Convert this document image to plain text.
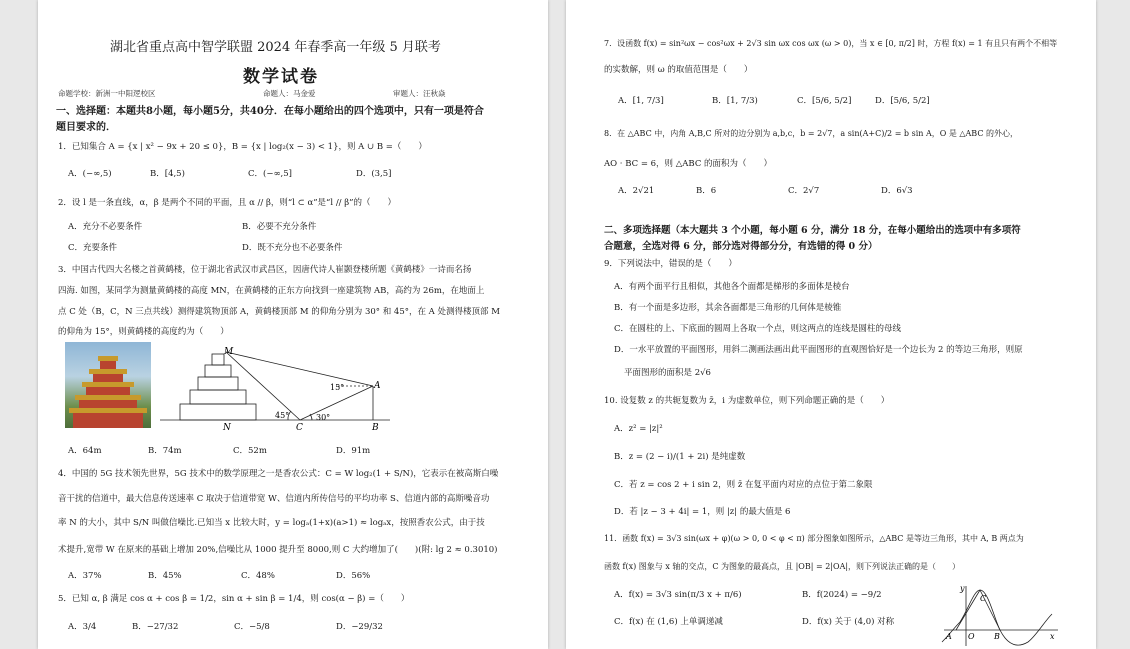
湖北省重点高中智学联盟 2024 年春季高一年级 5 月联考
数学试卷
命题学校：新洲一中阳逻校区	命题人：马金爱	审题人：汪秋焱
一、选择题：本题共8小题，每小题5分，共40分．在每小题给出的四个选项中，只有一项是符合
题目要求的．
1．已知集合 A = {x | x² − 9x + 20 ≤ 0}，B = {x | log₂(x − 3) < 1}，则 A ∪ B =（　　）
A．(−∞,5)	B．[4,5)	C．(−∞,5]	D．(3,5]
2．设 l 是一条直线，α，β 是两个不同的平面，且 α // β，则“l ⊂ α”是“l // β”的（　　）
A．充分不必要条件	B．必要不充分条件
C．充要条件	D．既不充分也不必要条件
3．中国古代四大名楼之首黄鹤楼，位于湖北省武汉市武昌区，因唐代诗人崔颢登楼所题《黄鹤楼》一诗而名扬
四海. 如图，某同学为测量黄鹤楼的高度 MN，在黄鹤楼的正东方向找到一座建筑物 AB，高约为 26m，在地面上
点 C 处（B，C，N 三点共线）测得建筑物顶部 A，黄鹤楼顶部 M 的仰角分别为 30° 和 45°，在 A 处测得楼顶部 M
的仰角为 15°，则黄鹤楼的高度约为（　　）
M
N	C
A
B
15°
45°	30°
A．64m	B．74m	C．52m	D．91m
4．中国的 5G 技术领先世界，5G 技术中的数学原理之一是香农公式：C = W log₂(1 + S/N)，它表示在被高斯白噪
音干扰的信道中，最大信息传送速率 C 取决于信道带宽 W、信道内所传信号的平均功率 S、信道内部的高斯噪音功
率 N 的大小，其中 S/N 叫做信噪比.已知当 x 比较大时，y = logₐ(1+x)(a>1) ≈ logₐx，按照香农公式，由于技
术提升,宽带 W 在原来的基础上增加 20%,信噪比从 1000 提升至 8000,则 C 大约增加了(　　)(附: lg 2 ≈ 0.3010)
A．37%	B．45%	C．48%	D．56%
5．已知 α, β 满足 cos α + cos β = 1/2，sin α + sin β = 1/4，则 cos(α − β) =（　　）
A．3/4	B．−27/32	C．−5/8	D．−29/32
7．设函数 f(x) = sin²ωx − cos²ωx + 2√3 sin ωx cos ωx (ω > 0)，当 x ∈ [0, π/2] 时，方程 f(x) = 1 有且只有两个不相等
的实数解，则 ω 的取值范围是（　　）
A．[1, 7/3]	B．[1, 7/3)	C．[5/6, 5/2]	D．[5/6, 5/2]
8．在 △ABC 中，内角 A,B,C 所对的边分别为 a,b,c，b = 2√7，a sin(A+C)/2 = b sin A，O 是 △ABC 的外心，
AO · BC = 6，则 △ABC 的面积为（　　）
A．2√21	B．6	C．2√7	D．6√3
二、多项选择题（本大题共 3 个小题，每小题 6 分，满分 18 分，在每小题给出的选项中有多项符
合题意，全选对得 6 分，部分选对得部分分，有选错的得 0 分）
9．下列说法中，错误的是（　　）
A．有两个面平行且相似，其他各个面都是梯形的多面体是棱台
B．有一个面是多边形，其余各面都是三角形的几何体是棱锥
C．在圆柱的上、下底面的圆周上各取一个点，则这两点的连线是圆柱的母线
D．一水平放置的平面图形，用斜二测画法画出此平面图形的直观图恰好是一个边长为 2 的等边三角形，则原
平面图形的面积是 2√6
10. 设复数 z 的共轭复数为 z̄，i 为虚数单位，则下列命题正确的是（　　）
A．z² = |z|²
B．z = (2 − i)/(1 + 2i) 是纯虚数
C．若 z = cos 2 + i sin 2，则 z̄ 在复平面内对应的点位于第二象限
D．若 |z − 3 + 4i| = 1，则 |z| 的最大值是 6
11．函数 f(x) = 3√3 sin(ωx + φ)(ω > 0, 0 < φ < π) 部分图象如图所示，△ABC 是等边三角形，其中 A, B 两点为
函数 f(x) 图象与 x 轴的交点，C 为图象的最高点，且 |OB| = 2|OA|，则下列说法正确的是（　　）
A．f(x) = 3√3 sin(π/3 x + π/6)	B．f(2024) = −9/2
C．f(x) 在 (1,6) 上单调递减	D．f(x) 关于 (4,0) 对称
y
C
A O B	x
